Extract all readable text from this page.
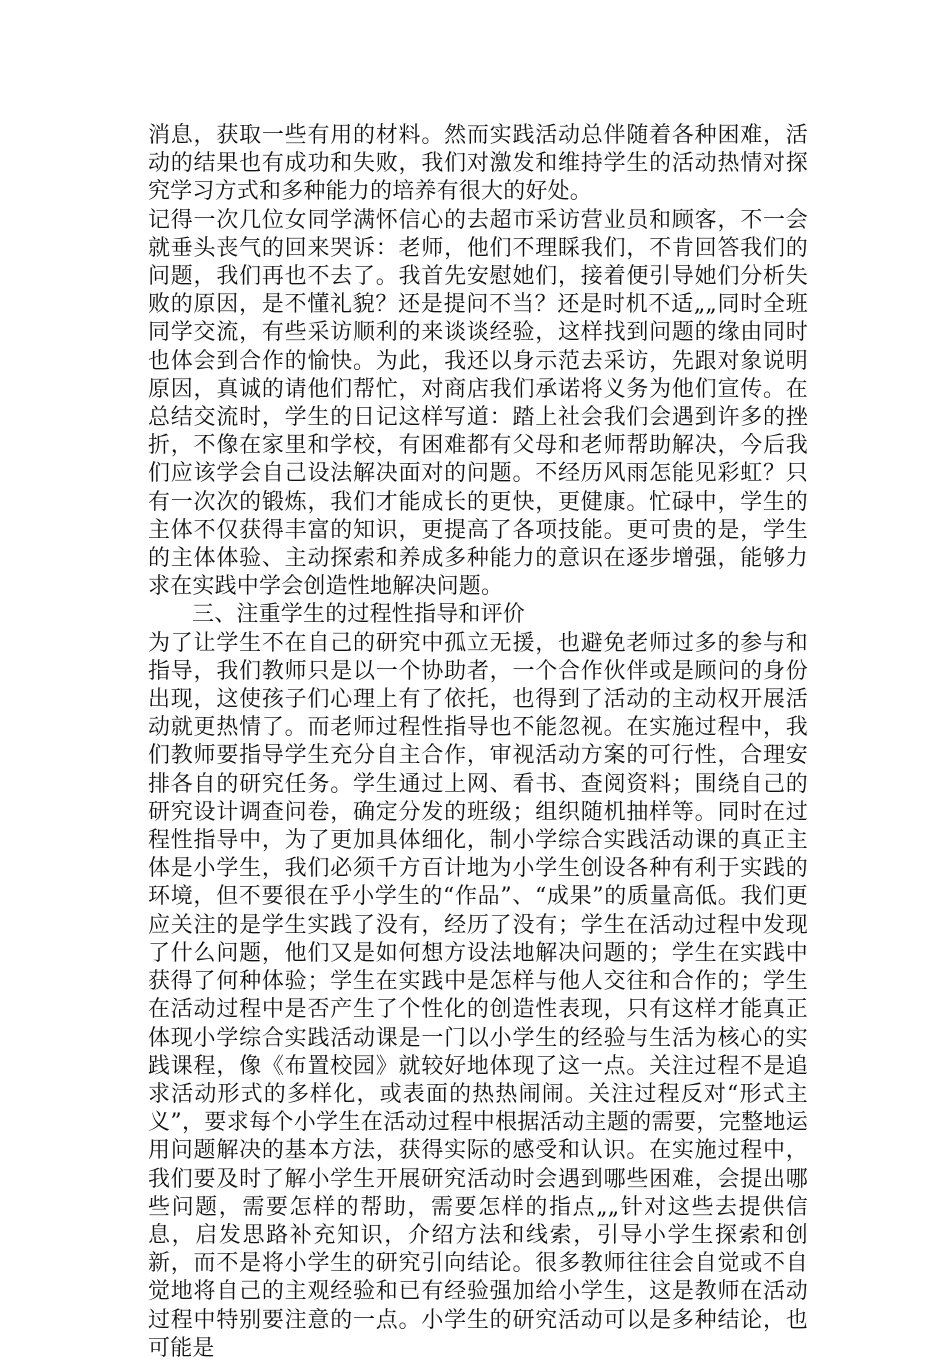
消息，获取一些有用的材料。然而实践活动总伴随着各种困难，活动的结果也有成功和失败，我们对激发和维持学生的活动热情对探究学习方式和多种能力的培养有很大的好处。

记得一次几位女同学满怀信心的去超市采访营业员和顾客，不一会就垂头丧气的回来哭诉：老师，他们不理睬我们，不肯回答我们的问题，我们再也不去了。我首先安慰她们，接着便引导她们分析失败的原因，是不懂礼貌？还是提问不当？还是时机不适„„同时全班同学交流，有些采访顺利的来谈谈经验，这样找到问题的缘由同时也体会到合作的愉快。为此，我还以身示范去采访，先跟对象说明原因，真诚的请他们帮忙，对商店我们承诺将义务为他们宣传。在总结交流时，学生的日记这样写道：踏上社会我们会遇到许多的挫折，不像在家里和学校，有困难都有父母和老师帮助解决，今后我们应该学会自己设法解决面对的问题。不经历风雨怎能见彩虹？只有一次次的锻炼，我们才能成长的更快，更健康。忙碌中，学生的主体不仅获得丰富的知识，更提高了各项技能。更可贵的是，学生的主体体验、主动探索和养成多种能力的意识在逐步增强，能够力求在实践中学会创造性地解决问题。

三、注重学生的过程性指导和评价

为了让学生不在自己的研究中孤立无援，也避免老师过多的参与和指导，我们教师只是以一个协助者，一个合作伙伴或是顾问的身份出现，这使孩子们心理上有了依托，也得到了活动的主动权开展活动就更热情了。而老师过程性指导也不能忽视。在实施过程中，我们教师要指导学生充分自主合作，审视活动方案的可行性，合理安排各自的研究任务。学生通过上网、看书、查阅资料；围绕自己的研究设计调查问卷，确定分发的班级；组织随机抽样等。同时在过程性指导中，为了更加具体细化，制小学综合实践活动课的真正主体是小学生，我们必须千方百计地为小学生创设各种有利于实践的环境，但不要很在乎小学生的“作品”、“成果”的质量高低。我们更应关注的是学生实践了没有，经历了没有；学生在活动过程中发现了什么问题，他们又是如何想方设法地解决问题的；学生在实践中获得了何种体验；学生在实践中是怎样与他人交往和合作的；学生在活动过程中是否产生了个性化的创造性表现，只有这样才能真正体现小学综合实践活动课是一门以小学生的经验与生活为核心的实践课程，像《布置校园》就较好地体现了这一点。关注过程不是追求活动形式的多样化，或表面的热热闹闹。关注过程反对“形式主义”，要求每个小学生在活动过程中根据活动主题的需要，完整地运用问题解决的基本方法，获得实际的感受和认识。在实施过程中，我们要及时了解小学生开展研究活动时会遇到哪些困难，会提出哪些问题，需要怎样的帮助，需要怎样的指点„„针对这些去提供信息，启发思路补充知识，介绍方法和线索，引导小学生探索和创新，而不是将小学生的研究引向结论。很多教师往往会自觉或不自觉地将自己的主观经验和已有经验强加给小学生，这是教师在活动过程中特别要注意的一点。小学生的研究活动可以是多种结论，也可能是
